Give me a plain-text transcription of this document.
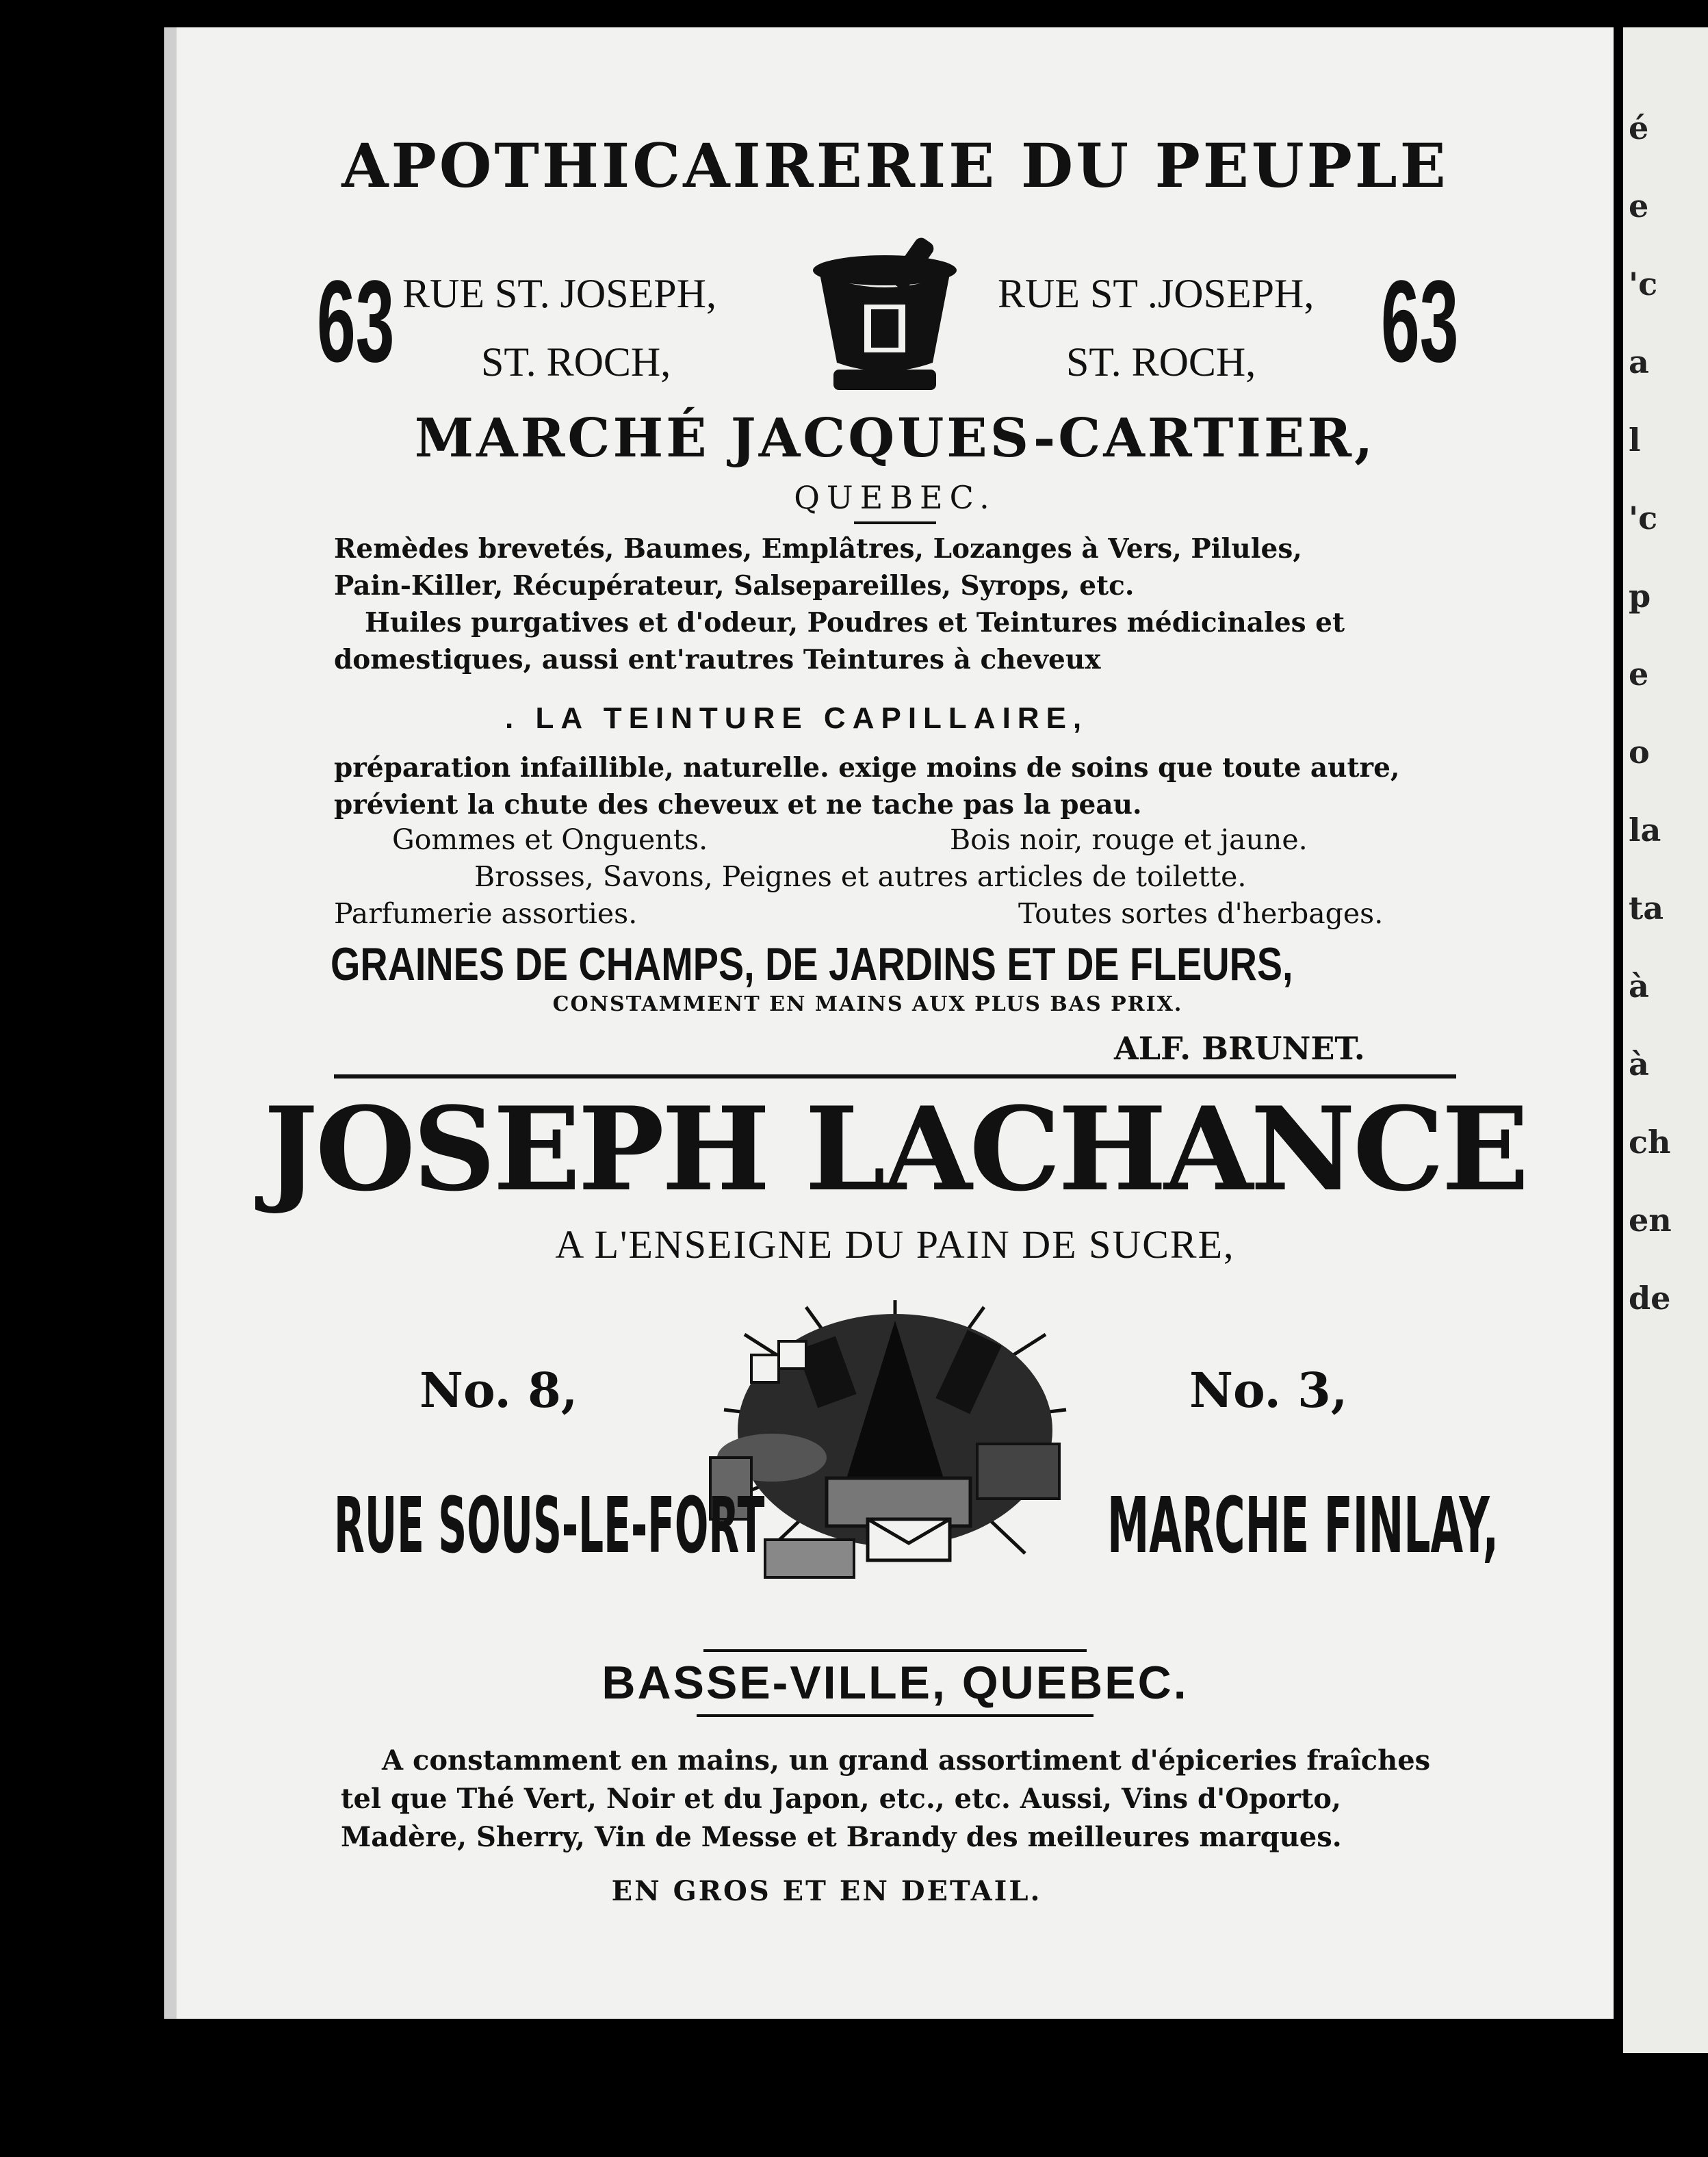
é
e
'c
a
l
'c
p
e
o
la
ta
à
à
ch
en
de
APOTHICAIRERIE DU PEUPLE
63	63
RUE ST. JOSEPH,
ST. ROCH,
RUE ST .JOSEPH,
ST. ROCH,
MARCHÉ JACQUES-CARTIER,
QUEBEC.
Remèdes brevetés, Baumes, Emplâtres, Lozanges à Vers, Pilules,
Pain-Killer, Récupérateur, Salsepareilles, Syrops, etc.
Huiles purgatives et d'odeur, Poudres et Teintures médicinales et
domestiques, aussi ent'rautres Teintures à cheveux
. LA TEINTURE CAPILLAIRE,
préparation infaillible, naturelle. exige moins de soins que toute autre,
prévient la chute des cheveux et ne tache pas la peau.
Gommes et Onguents.	Bois noir, rouge et jaune.
Brosses, Savons, Peignes et autres articles de toilette.
Parfumerie assorties.	Toutes sortes d'herbages.
GRAINES DE CHAMPS, DE JARDINS ET DE FLEURS,
CONSTAMMENT EN MAINS AUX PLUS BAS PRIX.
ALF. BRUNET.
JOSEPH LACHANCE
A L'ENSEIGNE DU PAIN DE SUCRE,
No. 8,	No. 3,
RUE SOUS-LE-FORT	MARCHE FINLAY,
BASSE-VILLE, QUEBEC.
A constamment en mains, un grand assortiment d'épiceries fraîches
tel que Thé Vert, Noir et du Japon, etc., etc. Aussi, Vins d'Oporto,
Madère, Sherry, Vin de Messe et Brandy des meilleures marques.
EN GROS ET EN DETAIL.
